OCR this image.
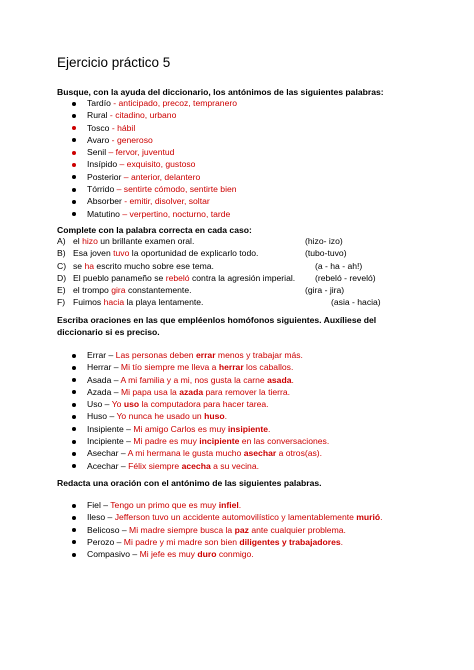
Ejercicio práctico 5

Busque, con la ayuda del diccionario, los antónimos de las siguientes palabras:

Tardío - anticipado, precoz, tempranero
Rural - citadino, urbano
Tosco - hábil
Avaro - generoso
Senil – fervor, juventud
Insípido – exquisito, gustoso
Posterior – anterior, delantero
Tórrido – sentirte cómodo, sentirte bien
Absorber - emitir, disolver, soltar
Matutino – verpertino, nocturno, tarde

Complete con la palabra correcta en cada caso:

A) el hizo un brillante examen oral.	(hizo- izo)
B) Esa joven tuvo la oportunidad de explicarlo todo.	(tubo-tuvo)
C) se ha escrito mucho sobre ese tema.	(a - ha - ah!)
D) El pueblo panameño se rebeló contra la agresión imperial. (rebeló - reveló)
E) el trompo gira constantemente.	(gira - jira)
F) Fuimos hacia la playa lentamente.	(asia - hacia)

Escriba oraciones en las que empléenlos homófonos siguientes. Auxíliese del diccionario si es preciso.

Errar – Las personas deben errar menos y trabajar más.
Herrar – Mi tío siempre me lleva a herrar los caballos.
Asada – A mi familia y a mi, nos gusta la carne asada.
Azada – Mi papa usa la azada para remover la tierra.
Uso – Yo uso la computadora para hacer tarea.
Huso – Yo nunca he usado un huso.
Insipiente – Mi amigo Carlos es muy insipiente.
Incipiente – Mi padre es muy incipiente en las conversaciones.
Asechar – A mi hermana le gusta mucho asechar a otros(as).
Acechar – Félix siempre acecha a su vecina.

Redacta una oración con el antónimo de las siguientes palabras.

Fiel – Tengo un primo que es muy infiel.
Ileso – Jefferson tuvo un accidente automovilístico y lamentablemente murió.
Belicoso – Mi madre siempre busca la paz ante cualquier problema.
Perozo – Mi padre y mi madre son bien diligentes y trabajadores.
Compasivo – Mi jefe es muy duro conmigo.
